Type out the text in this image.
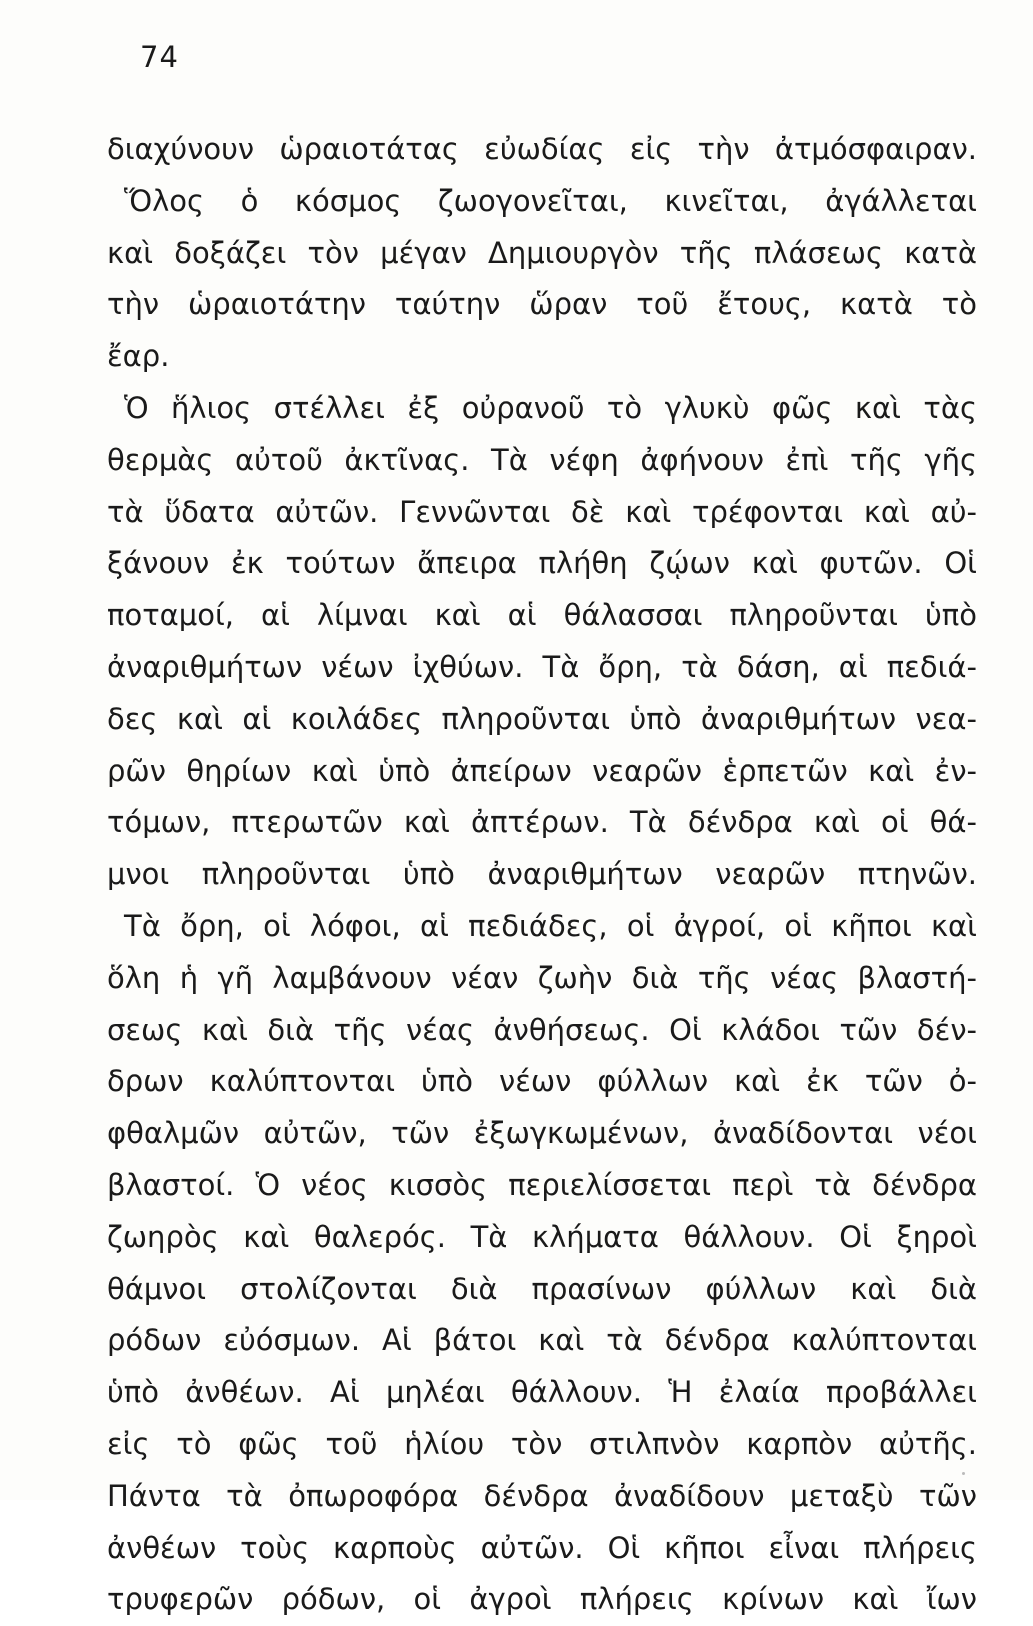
74
διαχύνουν ὡραιοτάτας εὐωδίας εἰς τὴν ἀτμόσφαιραν.
Ὅλος ὁ κόσμος ζωογονεῖται, κινεῖται, ἀγάλλεται
καὶ δοξάζει τὸν μέγαν Δημιουργὸν τῆς πλάσεως κατὰ
τὴν ὡραιοτάτην ταύτην ὥραν τοῦ ἔτους, κατὰ τὸ
ἔαρ.
Ὁ ἥλιος στέλλει ἐξ οὐρανοῦ τὸ γλυκὺ φῶς καὶ τὰς
θερμὰς αὐτοῦ ἀκτῖνας. Τὰ νέφη ἀφήνουν ἐπὶ τῆς γῆς
τὰ ὕδατα αὐτῶν. Γεννῶνται δὲ καὶ τρέφονται καὶ αὐ-
ξάνουν ἐκ τούτων ἄπειρα πλήθη ζῴων καὶ φυτῶν. Οἱ
ποταμοί, αἱ λίμναι καὶ αἱ θάλασσαι πληροῦνται ὑπὸ
ἀναριθμήτων νέων ἰχθύων. Τὰ ὄρη, τὰ δάση, αἱ πεδιά-
δες καὶ αἱ κοιλάδες πληροῦνται ὑπὸ ἀναριθμήτων νεα-
ρῶν θηρίων καὶ ὑπὸ ἀπείρων νεαρῶν ἑρπετῶν καὶ ἐν-
τόμων, πτερωτῶν καὶ ἀπτέρων. Τὰ δένδρα καὶ οἱ θά-
μνοι πληροῦνται ὑπὸ ἀναριθμήτων νεαρῶν πτηνῶν.
Τὰ ὄρη, οἱ λόφοι, αἱ πεδιάδες, οἱ ἀγροί, οἱ κῆποι καὶ
ὅλη ἡ γῆ λαμβάνουν νέαν ζωὴν διὰ τῆς νέας βλαστή-
σεως καὶ διὰ τῆς νέας ἀνθήσεως. Οἱ κλάδοι τῶν δέν-
δρων καλύπτονται ὑπὸ νέων φύλλων καὶ ἐκ τῶν ὀ-
φθαλμῶν αὐτῶν, τῶν ἐξωγκωμένων, ἀναδίδονται νέοι
βλαστοί. Ὁ νέος κισσὸς περιελίσσεται περὶ τὰ δένδρα
ζωηρὸς καὶ θαλερός. Τὰ κλήματα θάλλουν. Οἱ ξηροὶ
θάμνοι στολίζονται διὰ πρασίνων φύλλων καὶ διὰ
ρόδων εὐόσμων. Αἱ βάτοι καὶ τὰ δένδρα καλύπτονται
ὑπὸ ἀνθέων. Αἱ μηλέαι θάλλουν. Ἡ ἐλαία προβάλλει
εἰς τὸ φῶς τοῦ ἡλίου τὸν στιλπνὸν καρπὸν αὐτῆς.
Πάντα τὰ ὀπωροφόρα δένδρα ἀναδίδουν μεταξὺ τῶν
ἀνθέων τοὺς καρποὺς αὐτῶν. Οἱ κῆποι εἶναι πλήρεις
τρυφερῶν ρόδων, οἱ ἀγροὶ πλήρεις κρίνων καὶ ἴων
